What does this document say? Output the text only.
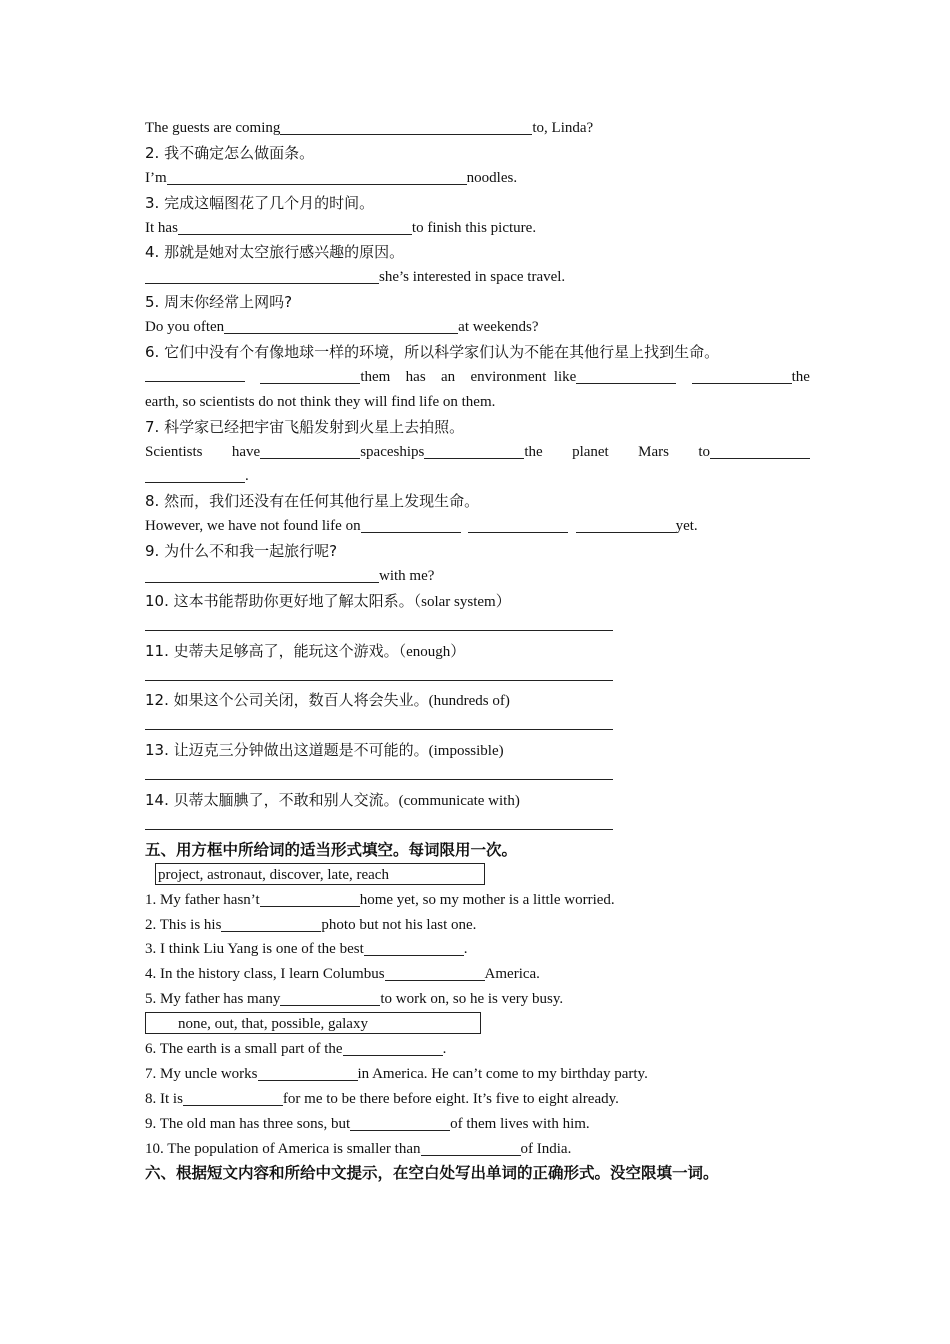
The guests are coming	to, Linda?
2. 我不确定怎么做面条。
I’m	noodles.
3. 完成这幅图花了几个月的时间。
It has	to finish this picture.
4. 那就是她对太空旅行感兴趣的原因。
she’s interested in space travel.
5. 周末你经常上网吗?
Do you often	at weekends?
6. 它们中没有个有像地球一样的环境，所以科学家们认为不能在其他行星上找到生命。
them has an environment like	the
earth, so scientists do not think they will find life on them.
7. 科学家已经把宇宙飞船发射到火星上去拍照。
Scientists have	spaceships	the planet Mars to
.
8. 然而，我们还没有在任何其他行星上发现生命。
However, we have not found life on	yet.
9. 为什么不和我一起旅行呢?
with me?
10. 这本书能帮助你更好地了解太阳系。（solar system）
11. 史蒂夫足够高了，能玩这个游戏。（enough）
12. 如果这个公司关闭，数百人将会失业。(hundreds of)
13. 让迈克三分钟做出这道题是不可能的。(impossible)
14. 贝蒂太腼腆了，不敢和别人交流。(communicate with)
五、用方框中所给词的适当形式填空。每词限用一次。
project, astronaut, discover, late, reach
1. My father hasn’t	home yet, so my mother is a little worried.
2. This is his	photo but not his last one.
3. I think Liu Yang is one of the best	.
4. In the history class, I learn Columbus	America.
5. My father has many	to work on, so he is very busy.
none, out, that, possible, galaxy
6. The earth is a small part of the	.
7. My uncle works	in America. He can’t come to my birthday party.
8. It is	for me to be there before eight. It’s five to eight already.
9. The old man has three sons, but	of them lives with him.
10. The population of America is smaller than	of India.
六、根据短文内容和所给中文提示，在空白处写出单词的正确形式。没空限填一词。
